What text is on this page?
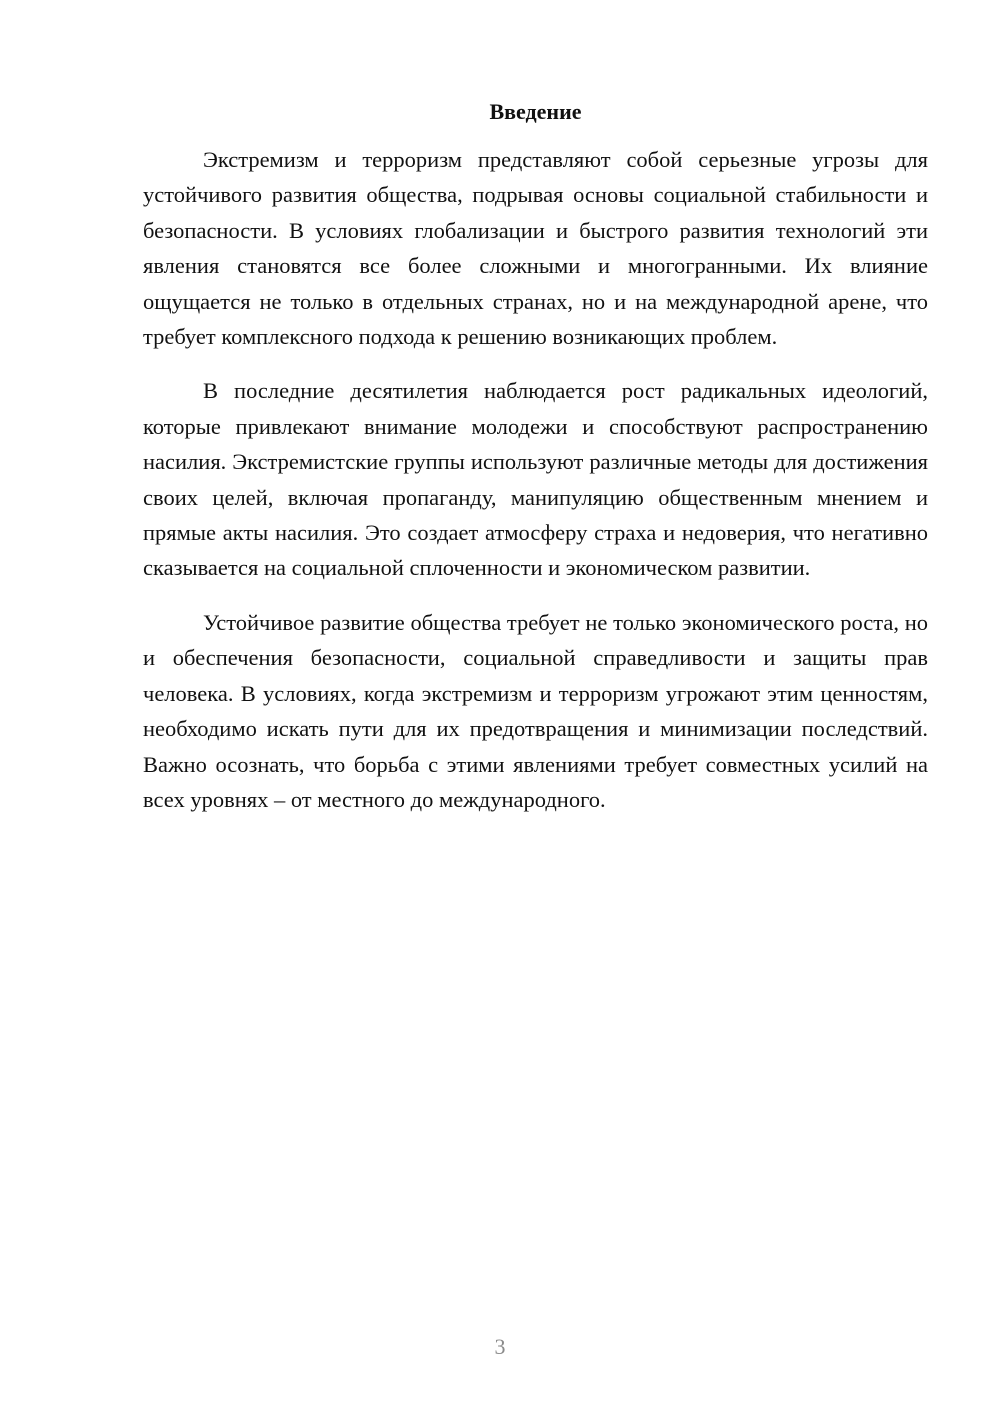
Введение

Экстремизм и терроризм представляют собой серьезные угрозы для устойчивого развития общества, подрывая основы социальной стабильности и безопасности. В условиях глобализации и быстрого развития технологий эти явления становятся все более сложными и многогранными. Их влияние ощущается не только в отдельных странах, но и на международной арене, что требует комплексного подхода к решению возникающих проблем.

В последние десятилетия наблюдается рост радикальных идеологий, которые привлекают внимание молодежи и способствуют распространению насилия. Экстремистские группы используют различные методы для достижения своих целей, включая пропаганду, манипуляцию общественным мнением и прямые акты насилия. Это создает атмосферу страха и недоверия, что негативно сказывается на социальной сплоченности и экономическом развитии.

Устойчивое развитие общества требует не только экономического роста, но и обеспечения безопасности, социальной справедливости и защиты прав человека. В условиях, когда экстремизм и терроризм угрожают этим ценностям, необходимо искать пути для их предотвращения и минимизации последствий. Важно осознать, что борьба с этими явлениями требует совместных усилий на всех уровнях – от местного до международного.

3
